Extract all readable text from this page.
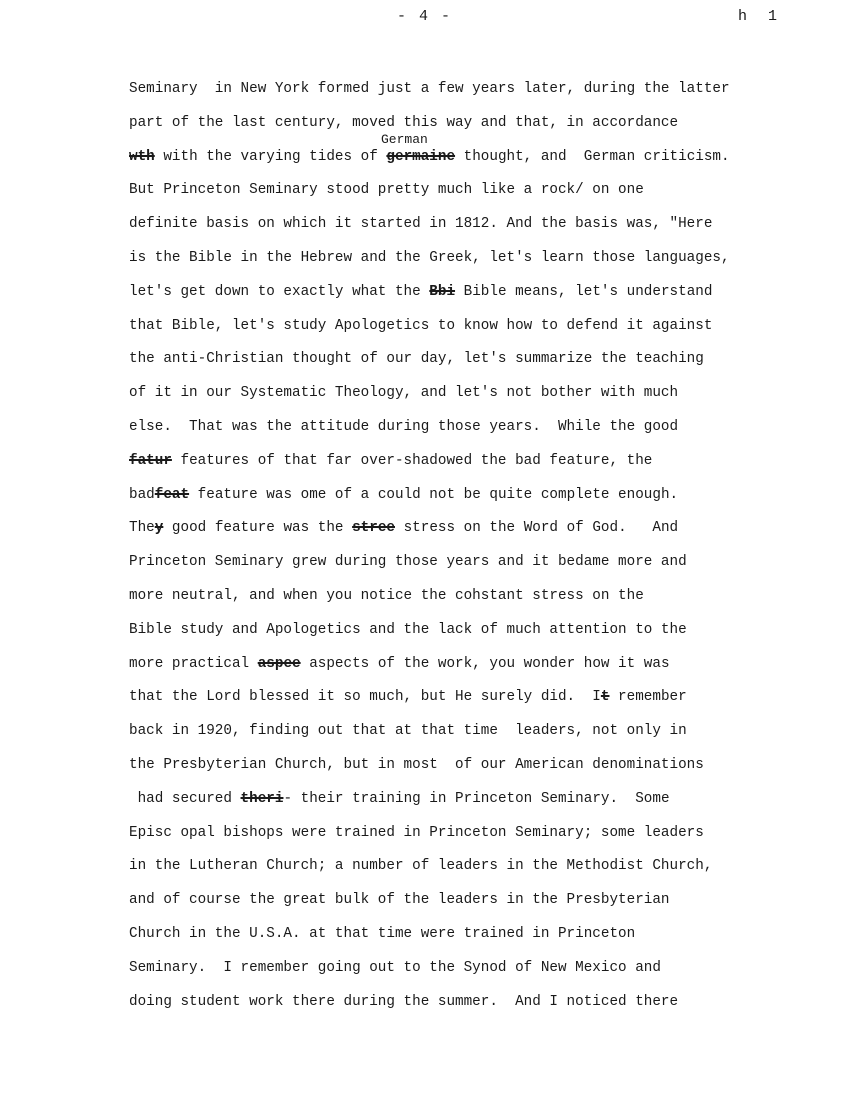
- 4 -	h 1
Seminary  in New York formed just a few years later, during the latter
part of the last century, moved this way and that, in accordance
wth with the varying tides of germaine thought, and  German criticism.
German
But Princeton Seminary stood pretty much like a rock/ on one
definite basis on which it started in 1812. And the basis was, "Here
is the Bible in the Hebrew and the Greek, let's learn those languages,
let's get down to exactly what the Bbi Bible means, let's understand
that Bible, let's study Apologetics to know how to defend it against
the anti-Christian thought of our day, let's summarize the teaching
of it in our Systematic Theology, and let's not bother with much
else.  That was the attitude during those years.  While the good
fatur features of that far over-shadowed the bad feature, the
badfeat feature was ome of a could not be quite complete enough.
They good feature was the stree stress on the Word of God.   And
Princeton Seminary grew during those years and it bedame more and
more neutral, and when you notice the cohstant stress on the
Bible study and Apologetics and the lack of much attention to the
more practical aspee aspects of the work, you wonder how it was
that the Lord blessed it so much, but He surely did.  It remember
back in 1920, finding out that at that time  leaders, not only in
the Presbyterian Church, but in most  of our American denominations
had secured theri- their training in Princeton Seminary.  Some
Episc opal bishops were trained in Princeton Seminary; some leaders
in the Lutheran Church; a number of leaders in the Methodist Church,
and of course the great bulk of the leaders in the Presbyterian
Church in the U.S.A. at that time were trained in Princeton
Seminary.  I remember going out to the Synod of New Mexico and
doing student work there during the summer.  And I noticed there
